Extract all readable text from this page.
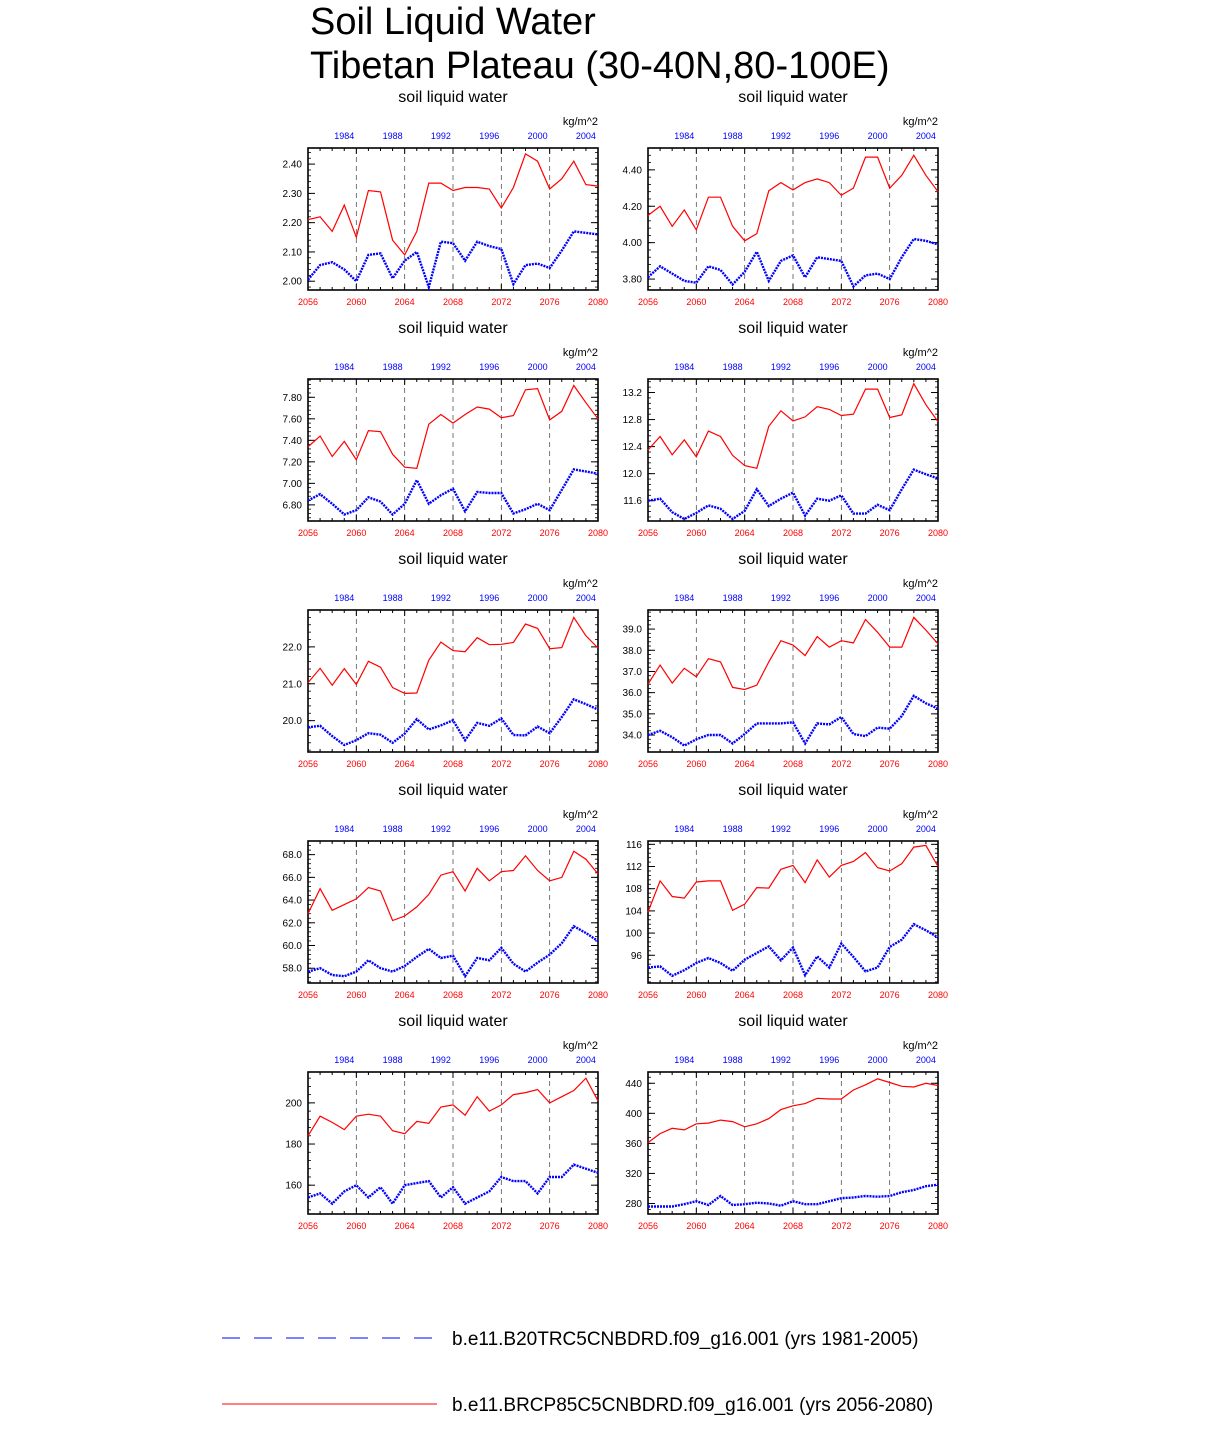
Soil Liquid Water
Tibetan Plateau (30-40N,80-100E)
soil liquid water
kg/m^2
2056	2060	2064	2068	2072	2076	2080
1984	1988	1992	1996	2000	2004
2.00
2.10
2.20
2.30
2.40
soil liquid water
kg/m^2
2056	2060	2064	2068	2072	2076	2080
1984	1988	1992	1996	2000	2004
3.80
4.00
4.20
4.40
soil liquid water
kg/m^2
2056	2060	2064	2068	2072	2076	2080
1984	1988	1992	1996	2000	2004
6.80
7.00
7.20
7.40
7.60
7.80
soil liquid water
kg/m^2
2056	2060	2064	2068	2072	2076	2080
1984	1988	1992	1996	2000	2004
11.6
12.0
12.4
12.8
13.2
soil liquid water
kg/m^2
2056	2060	2064	2068	2072	2076	2080
1984	1988	1992	1996	2000	2004
20.0
21.0
22.0
soil liquid water
kg/m^2
2056	2060	2064	2068	2072	2076	2080
1984	1988	1992	1996	2000	2004
34.0
35.0
36.0
37.0
38.0
39.0
soil liquid water
kg/m^2
2056	2060	2064	2068	2072	2076	2080
1984	1988	1992	1996	2000	2004
58.0
60.0
62.0
64.0
66.0
68.0
soil liquid water
kg/m^2
2056	2060	2064	2068	2072	2076	2080
1984	1988	1992	1996	2000	2004
96
100
104
108
112
116
soil liquid water
kg/m^2
2056	2060	2064	2068	2072	2076	2080
1984	1988	1992	1996	2000	2004
160
180
200
soil liquid water
kg/m^2
2056	2060	2064	2068	2072	2076	2080
1984	1988	1992	1996	2000	2004
280
320
360
400
440
b.e11.B20TRC5CNBDRD.f09_g16.001 (yrs 1981-2005)
b.e11.BRCP85C5CNBDRD.f09_g16.001 (yrs 2056-2080)
